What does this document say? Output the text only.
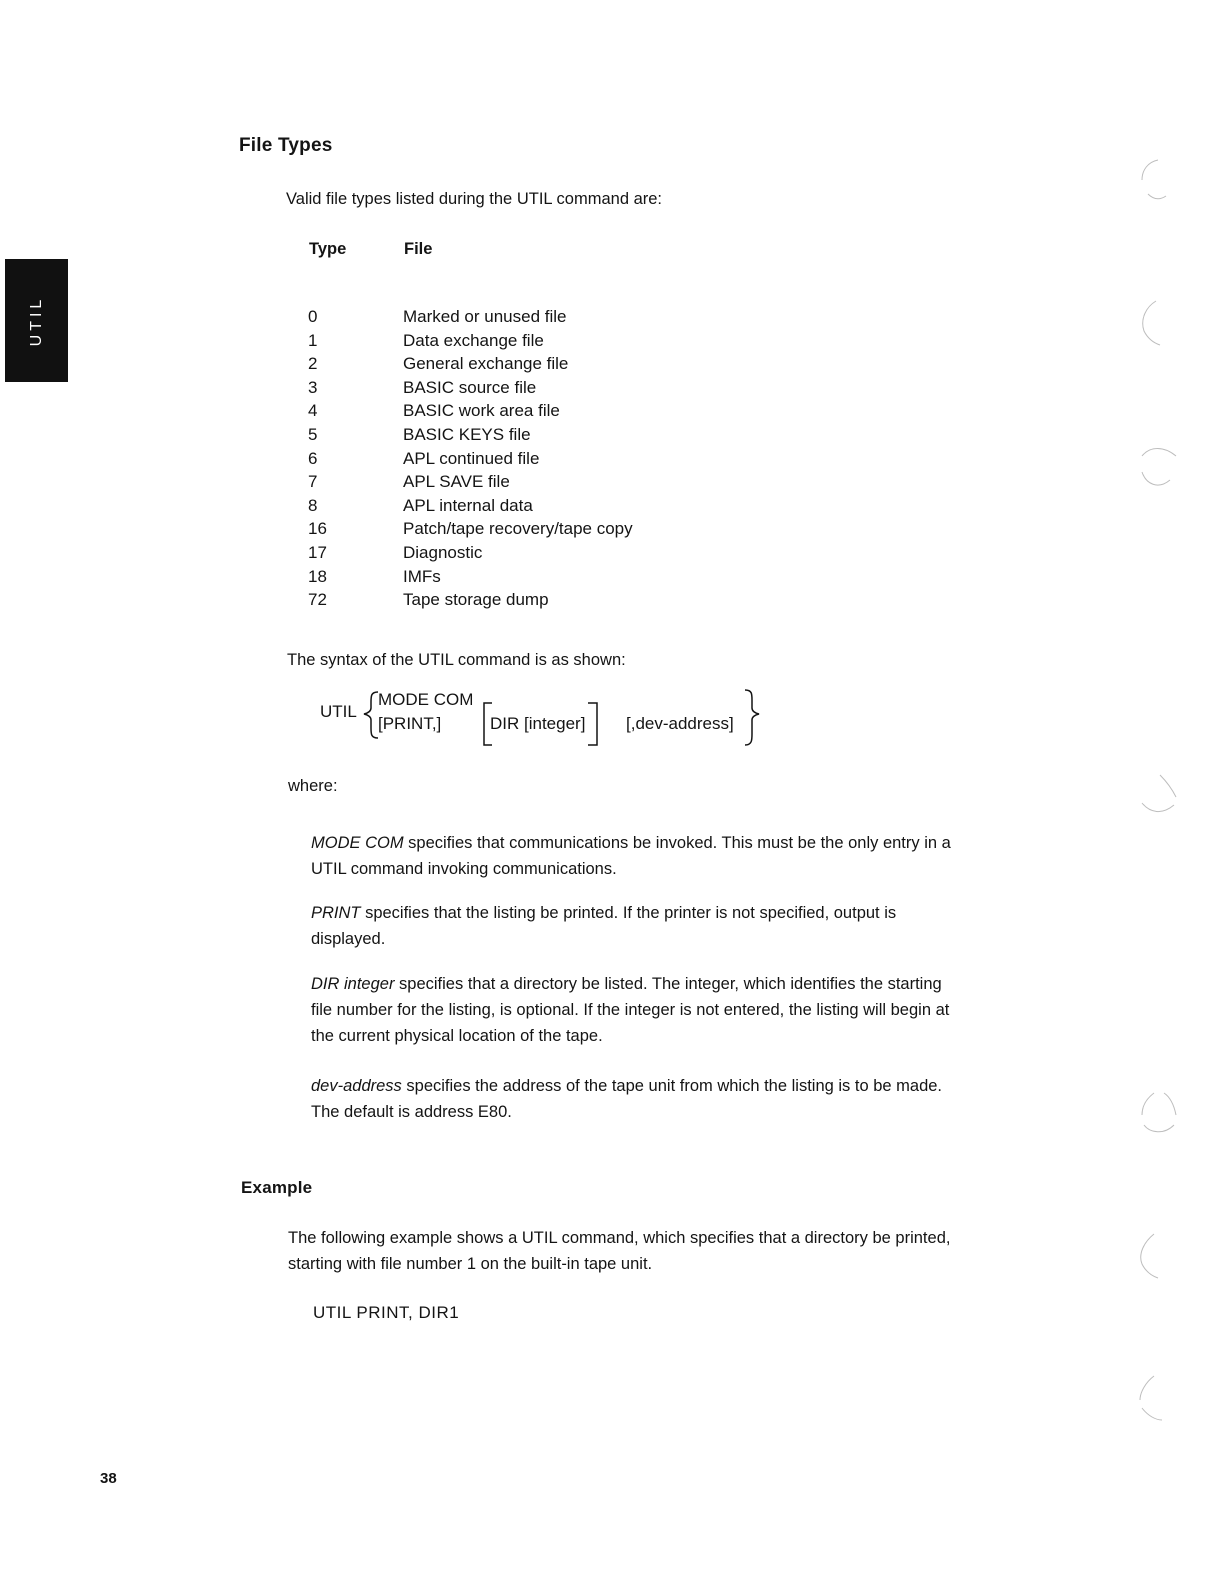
UTIL
File Types
Valid file types listed during the UTIL command are:
Type	File
0	Marked or unused file
1	Data exchange file
2	General exchange file
3	BASIC source file
4	BASIC work area file
5	BASIC KEYS file
6	APL continued file
7	APL SAVE file
8	APL internal data
16	Patch/tape recovery/tape copy
17	Diagnostic
18	IMFs
72	Tape storage dump
The syntax of the UTIL command is as shown:
UTIL
MODE COM
[PRINT,]	DIR [integer] [,dev-address]
where:
MODE COM specifies that communications be invoked. This must be the only entry in a UTIL command invoking communications.
PRINT specifies that the listing be printed. If the printer is not specified, output is displayed.
DIR integer specifies that a directory be listed. The integer, which identifies the starting file number for the listing, is optional. If the integer is not entered, the listing will begin at the current physical location of the tape.
dev-address specifies the address of the tape unit from which the listing is to be made. The default is address E80.
Example
The following example shows a UTIL command, which specifies that a directory be printed, starting with file number 1 on the built-in tape unit.
UTIL PRINT, DIR1
38
